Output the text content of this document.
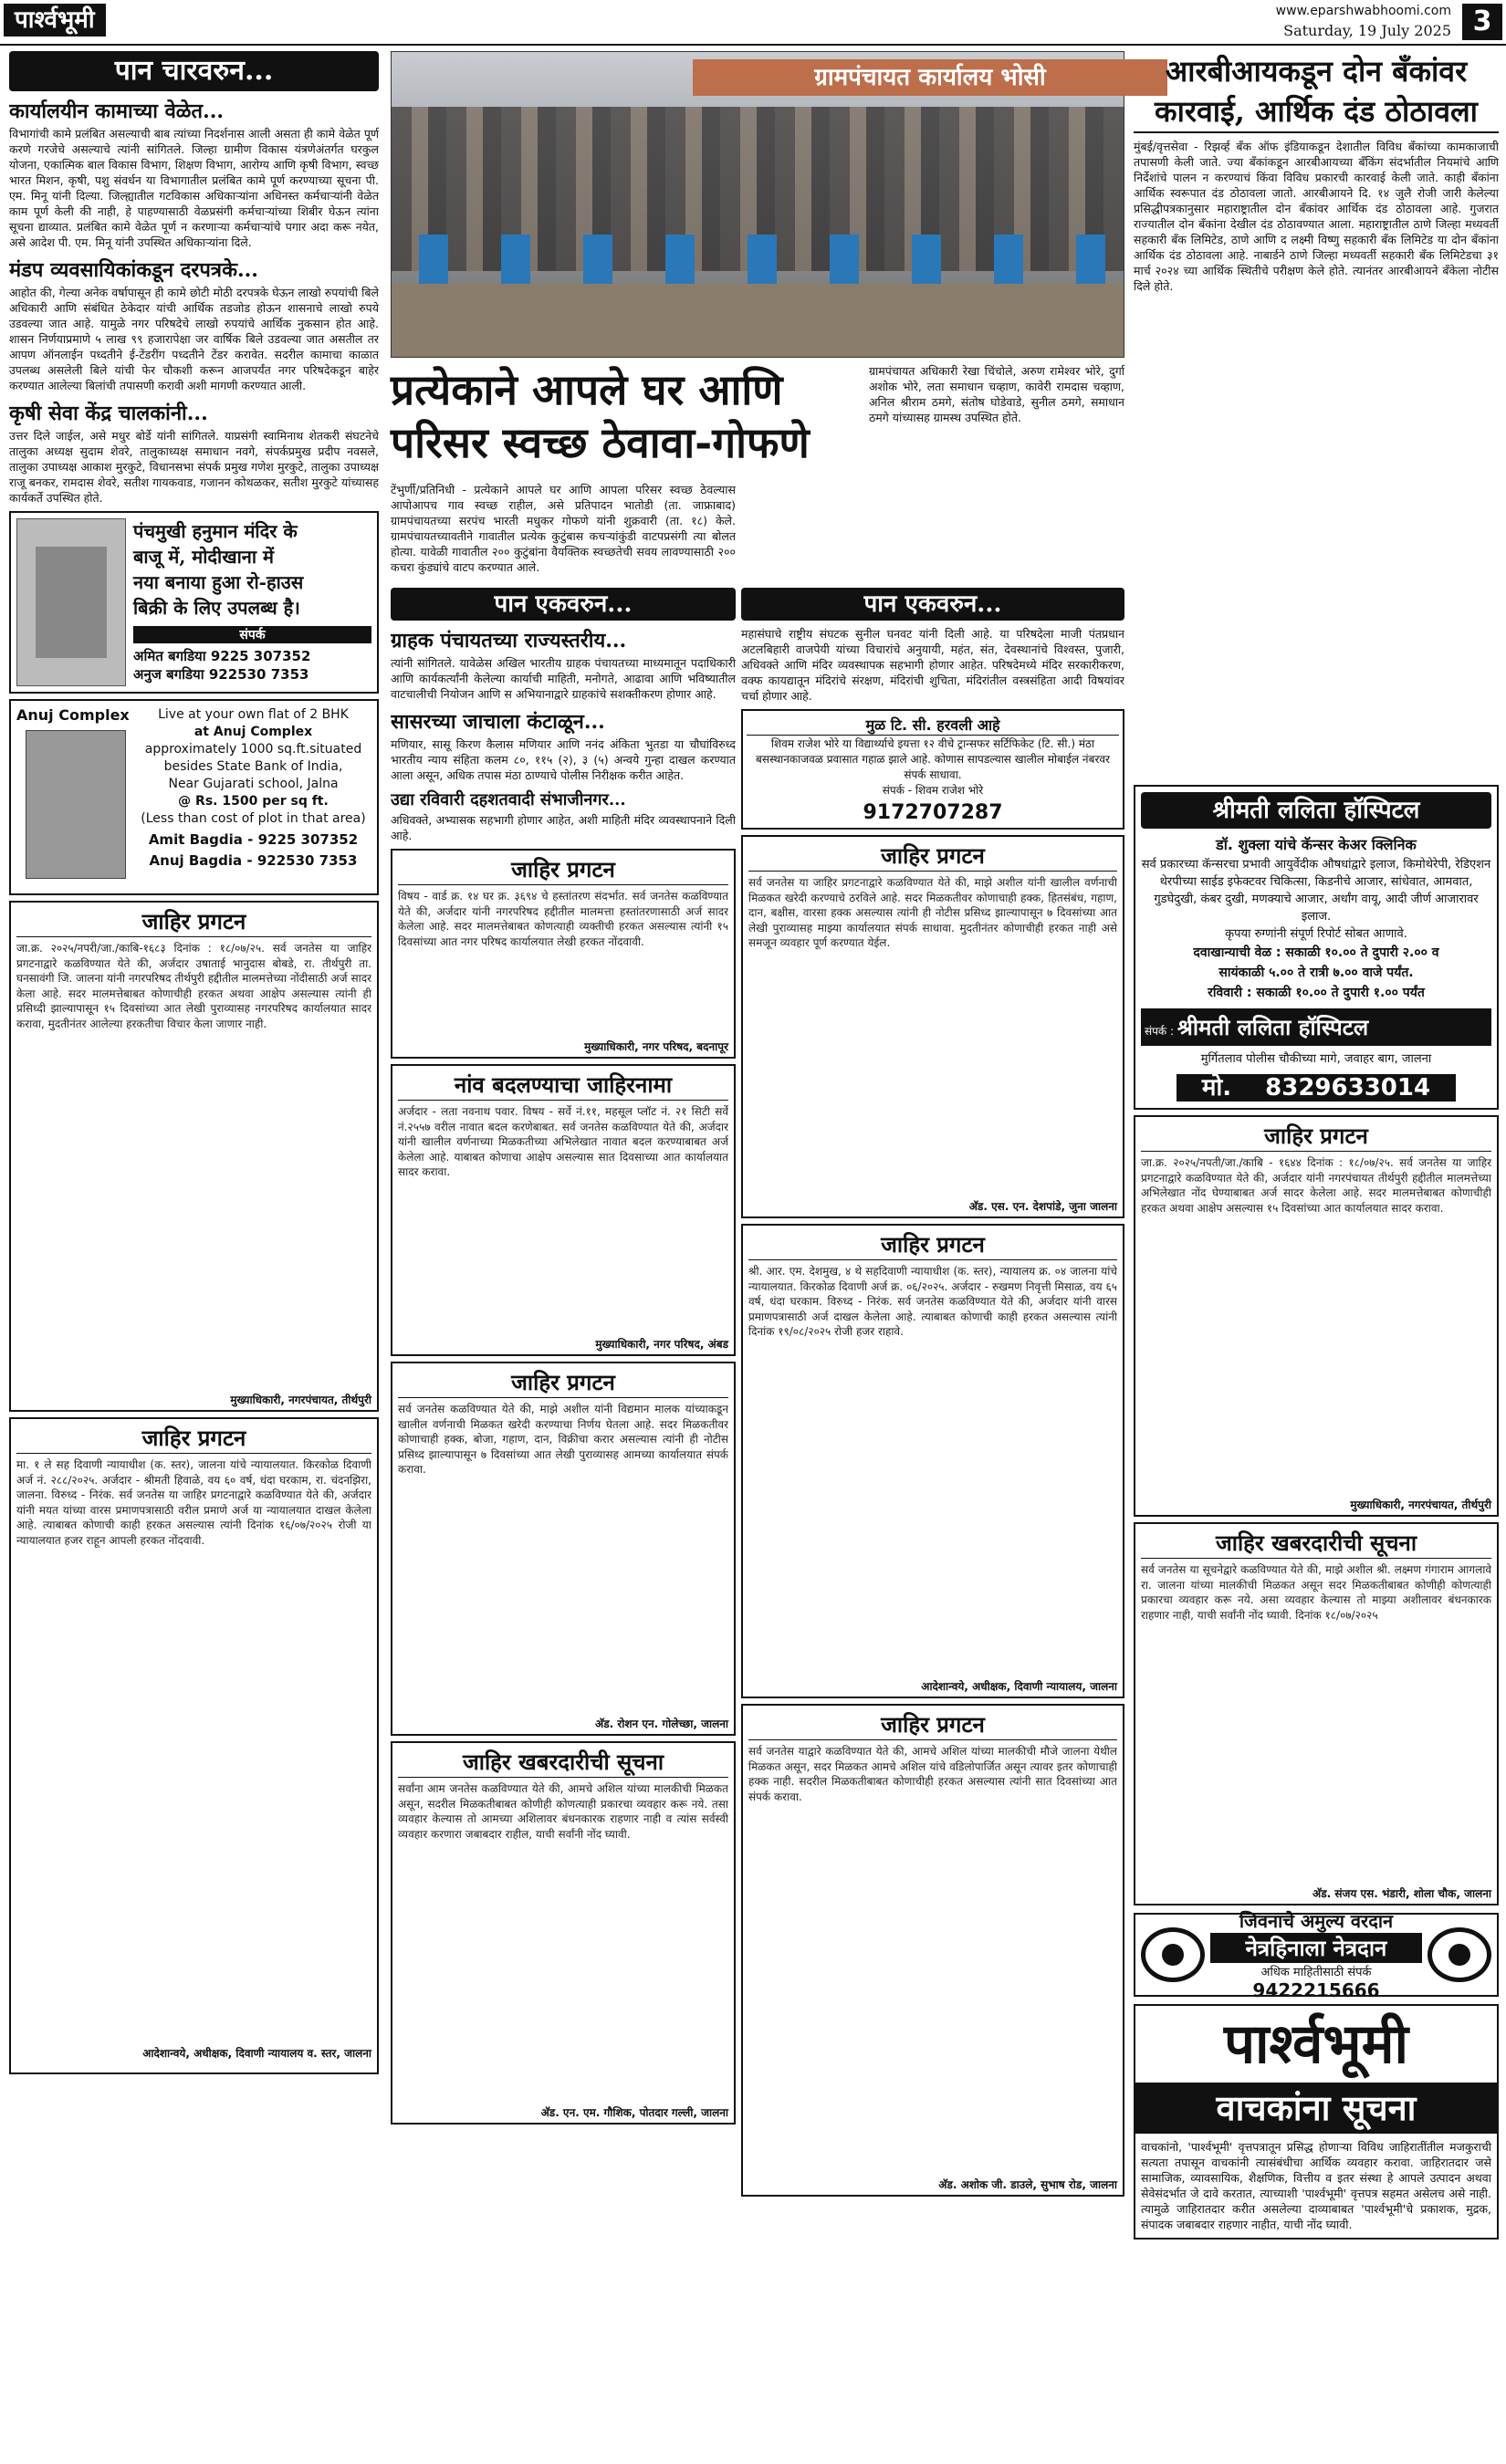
पार्श्वभूमी	www.eparshwabhoomi.com
Saturday, 19 July 2025 3
पान चारवरुन...
कार्यालयीन कामाच्या वेळेत...
विभागांची कामे प्रलंबित असल्याची बाब त्यांच्या निदर्शनास आली असता ही कामे वेळेत पूर्ण करणे गरजेचे असल्याचे त्यांनी सांगितले. जिल्हा ग्रामीण विकास यंत्रणेअंतर्गत घरकुल योजना, एकात्मिक बाल विकास विभाग, शिक्षण विभाग, आरोग्य आणि कृषी विभाग, स्वच्छ भारत मिशन, कृषी, पशु संवर्धन या विभागातील प्रलंबित कामे पूर्ण करण्याच्या सूचना पी. एम. मिनू यांनी दिल्या. जिल्ह्यातील गटविकास अधिकाऱ्यांना अधिनस्त कर्मचाऱ्यांनी वेळेत काम पूर्ण केली की नाही, हे पाहण्यासाठी वेळप्रसंगी कर्मचाऱ्यांच्या शिबीर घेऊन त्यांना सूचना द्याव्यात. प्रलंबित कामे वेळेत पूर्ण न करणाऱ्या कर्मचाऱ्यांचे पगार अदा करू नयेत, असे आदेश पी. एम. मिनू यांनी उपस्थित अधिकाऱ्यांना दिले.
मंडप व्यवसायिकांकडून दरपत्रके...
आहोत की, गेल्या अनेक वर्षापासून ही कामे छोटी मोठी दरपत्रके घेऊन लाखो रुपयांची बिले अधिकारी आणि संबंधित ठेकेदार यांची आर्थिक तडजोड होऊन शासनाचे लाखो रुपये उडवल्या जात आहे. यामुळे नगर परिषदेचे लाखो रुपयांचे आर्थिक नुकसान होत आहे. शासन निर्णयाप्रमाणे ५ लाख ९९ हजारापेक्षा जर वार्षिक बिले उडवल्या जात असतील तर आपण ऑनलाईन पध्दतीने ई-टेंडरींग पध्दतीने टेंडर करावेत. सदरील कामाचा काळात उपलब्ध असलेली बिले यांची फेर चौकशी करून आजपर्यंत नगर परिषदेकडून बाहेर करण्यात आलेल्या बिलांची तपासणी करावी अशी मागणी करण्यात आली.
कृषी सेवा केंद्र चालकांनी...
उत्तर दिले जाईल, असे मधुर बोर्डे यांनी सांगितले. याप्रसंगी स्वामिनाथ शेतकरी संघटनेचे तालुका अध्यक्ष सुदाम शेवरे, तालुकाध्यक्ष समाधान नवगे, संपर्कप्रमुख प्रदीप नवसले, तालुका उपाध्यक्ष आकाश मुरकुटे, विधानसभा संपर्क प्रमुख गणेश मुरकुटे, तालुका उपाध्यक्ष राजू बनकर, रामदास शेवरे, सतीश गायकवाड, गजानन कोथळकर, सतीश मुरकुटे यांच्यासह कार्यकर्ते उपस्थित होते.
पंचमुखी हनुमान मंदिर के
बाजू में, मोदीखाना में
नया बनाया हुआ रो-हाउस
बिक्री के लिए उपलब्ध है।
संपर्क
अमित बगडिया 9225 307352
अनुज बगडिया 922530 7353
Anuj Complex	Live at your own flat of 2 BHK
at Anuj Complex
approximately 1000 sq.ft.situated
besides State Bank of India,
Near Gujarati school, Jalna
@ Rs. 1500 per sq ft.
(Less than cost of plot in that area)
Amit Bagdia - 9225 307352
Anuj Bagdia - 922530 7353
जाहिर प्रगटन
जा.क्र. २०२५/नपरी/जा./काबि-१६८३ दिनांक : १८/०७/२५. सर्व जनतेस या जाहिर प्रगटनाद्वारे कळविण्यात येते की, अर्जदार उषाताई भानुदास बोबडे, रा. तीर्थपुरी ता. घनसावंगी जि. जालना यांनी नगरपरिषद तीर्थपुरी हद्दीतील मालमत्तेच्या नोंदीसाठी अर्ज सादर केला आहे. सदर मालमत्तेबाबत कोणाचीही हरकत अथवा आक्षेप असल्यास त्यांनी ही प्रसिध्दी झाल्यापासून १५ दिवसांच्या आत लेखी पुराव्यासह नगरपरिषद कार्यालयात सादर करावा, मुदतीनंतर आलेल्या हरकतीचा विचार केला जाणार नाही.
मुख्याधिकारी, नगरपंचायत, तीर्थपुरी
जाहिर प्रगटन
मा. १ ले सह दिवाणी न्यायाधीश (क. स्तर), जालना यांचे न्यायालयात. किरकोळ दिवाणी अर्ज नं. २८८/२०२५. अर्जदार - श्रीमती हिवाळे, वय ६० वर्ष, धंदा घरकाम, रा. चंदनझिरा, जालना. विरुध्द - निरंक. सर्व जनतेस या जाहिर प्रगटनाद्वारे कळविण्यात येते की, अर्जदार यांनी मयत यांच्या वारस प्रमाणपत्रासाठी वरील प्रमाणे अर्ज या न्यायालयात दाखल केलेला आहे. त्याबाबत कोणाची काही हरकत असल्यास त्यांनी दिनांक १६/०७/२०२५ रोजी या न्यायालयात हजर राहून आपली हरकत नोंदवावी.
आदेशान्वये, अधीक्षक, दिवाणी न्यायालय व. स्तर, जालना
ग्रामपंचायत कार्यालय भोसी
प्रत्येकाने आपले घर आणि परिसर स्वच्छ ठेवावा-गोफणे
टेंभुर्णी/प्रतिनिधी - प्रत्येकाने आपले घर आणि आपला परिसर स्वच्छ ठेवल्यास आपोआपच गाव स्वच्छ राहील, असे प्रतिपादन भातोडी (ता. जाफ्राबाद) ग्रामपंचायतच्या सरपंच भारती मधुकर गोफणे यांनी शुक्रवारी (ता. १८) केले. ग्रामपंचायतच्यावतीने गावातील प्रत्येक कुटुंबास कचऱ्यांकुंडी वाटपप्रसंगी त्या बोलत होत्या. यावेळी गावातील २०० कुटुंबांना वैयक्तिक स्वच्छतेची सवय लावण्यासाठी २०० कचरा कुंड्यांचे वाटप करण्यात आले.
पान एकवरुन...
ग्राहक पंचायतच्या राज्यस्तरीय...
त्यांनी सांगितले. यावेळेस अखिल भारतीय ग्राहक पंचायतच्या माध्यमातून पदाधिकारी आणि कार्यकर्त्यांनी केलेल्या कार्याची माहिती, मनोगते, आढावा आणि भविष्यातील वाटचालीची नियोजन आणि स अभियानाद्वारे ग्राहकांचे सशक्तीकरण होणार आहे.
सासरच्या जाचाला कंटाळून...
मणियार, सासू किरण कैलास मणियार आणि ननंद अंकिता भुतडा या चौघांविरुध्द भारतीय न्याय संहिता कलम ८०, ११५ (२), ३ (५) अन्वये गुन्हा दाखल करण्यात आला असून, अधिक तपास मंठा ठाण्याचे पोलीस निरीक्षक करीत आहेत.
उद्या रविवारी दहशतवादी संभाजीनगर...
अधिवक्ते, अभ्यासक सहभागी होणार आहेत, अशी माहिती मंदिर व्यवस्थापनाने दिली आहे.
जाहिर प्रगटन
विषय - वार्ड क्र. १४ घर क्र. ३६९४ चे हस्तांतरण संदर्भात. सर्व जनतेस कळविण्यात येते की, अर्जदार यांनी नगरपरिषद हद्दीतील मालमत्ता हस्तांतरणासाठी अर्ज सादर केलेला आहे. सदर मालमत्तेबाबत कोणत्याही व्यक्तीची हरकत असल्यास त्यांनी १५ दिवसांच्या आत नगर परिषद कार्यालयात लेखी हरकत नोंदवावी.
मुख्याधिकारी, नगर परिषद, बदनापूर
नांव बदलण्याचा जाहिरनामा
अर्जदार - लता नवनाथ पवार. विषय - सर्वे नं.११, महसूल प्लॉट नं. २१ सिटी सर्वे नं.२५५७ वरील नावात बदल करणेबाबत. सर्व जनतेस कळविण्यात येते की, अर्जदार यांनी खालील वर्णनाच्या मिळकतीच्या अभिलेखात नावात बदल करण्याबाबत अर्ज केलेला आहे. याबाबत कोणाचा आक्षेप असल्यास सात दिवसाच्या आत कार्यालयात सादर करावा.
मुख्याधिकारी, नगर परिषद, अंबड
जाहिर प्रगटन
सर्व जनतेस कळविण्यात येते की, माझे अशील यांनी विद्यमान मालक यांच्याकडून खालील वर्णनाची मिळकत खरेदी करण्याचा निर्णय घेतला आहे. सदर मिळकतीवर कोणाचाही हक्क, बोजा, गहाण, दान, विक्रीचा करार असल्यास त्यांनी ही नोटीस प्रसिध्द झाल्यापासून ७ दिवसांच्या आत लेखी पुराव्यासह आमच्या कार्यालयात संपर्क करावा.
अ‍ॅड. रोशन एन. गोलेच्छा, जालना
जाहिर खबरदारीची सूचना
सर्वांना आम जनतेस कळविण्यात येते की, आमचे अशिल यांच्या मालकीची मिळकत असून, सदरील मिळकतीबाबत कोणीही कोणत्याही प्रकारचा व्यवहार करू नये. तसा व्यवहार केल्यास तो आमच्या अशिलावर बंधनकारक राहणार नाही व त्यांस सर्वस्वी व्यवहार करणारा जबाबदार राहील, याची सर्वांनी नोंद घ्यावी.
अ‍ॅड. एन. एम. गौशिक, पोतदार गल्ली, जालना
ग्रामपंचायत अधिकारी रेखा चिंचोले, अरुण रामेश्वर भोरे, दुर्गा अशोक भोरे, लता समाधान चव्हाण, कावेरी रामदास चव्हाण, अनिल श्रीराम ठमगे, संतोष घोडेवाडे, सुनील ठमगे, समाधान ठमगे यांच्यासह ग्रामस्थ उपस्थित होते.
पान एकवरुन...
महासंघाचे राष्ट्रीय संघटक सुनील घनवट यांनी दिली आहे. या परिषदेला माजी पंतप्रधान अटलबिहारी वाजपेयी यांच्या विचारांचे अनुयायी, महंत, संत, देवस्थानांचे विश्वस्त, पुजारी, अधिवक्ते आणि मंदिर व्यवस्थापक सहभागी होणार आहेत. परिषदेमध्ये मंदिर सरकारीकरण, वक्फ कायद्यातून मंदिरांचे संरक्षण, मंदिरांची शुचिता, मंदिरांतील वस्त्रसंहिता आदी विषयांवर चर्चा होणार आहे.
मुळ टि. सी. हरवली आहे
शिवम राजेश भोरे या विद्यार्थ्याचे इयत्ता १२ वीचे ट्रान्सफर सर्टिफिकेट (टि. सी.) मंठा बसस्थानकाजवळ प्रवासात गहाळ झाले आहे. कोणास सापडल्यास खालील मोबाईल नंबरवर संपर्क साधावा.
संपर्क - शिवम राजेश भोरे
9172707287
जाहिर प्रगटन
सर्व जनतेस या जाहिर प्रगटनाद्वारे कळविण्यात येते की, माझे अशील यांनी खालील वर्णनाची मिळकत खरेदी करण्याचे ठरविले आहे. सदर मिळकतीवर कोणाचाही हक्क, हितसंबंध, गहाण, दान, बक्षीस, वारसा हक्क असल्यास त्यांनी ही नोटीस प्रसिध्द झाल्यापासून ७ दिवसांच्या आत लेखी पुराव्यासह माझ्या कार्यालयात संपर्क साधावा. मुदतीनंतर कोणाचीही हरकत नाही असे समजून व्यवहार पूर्ण करण्यात येईल.
अ‍ॅड. एस. एन. देशपांडे, जुना जालना
जाहिर प्रगटन
श्री. आर. एम. देशमुख, ४ थे सहदिवाणी न्यायाधीश (क. स्तर), न्यायालय क्र. ०४ जालना यांचे न्यायालयात. किरकोळ दिवाणी अर्ज क्र. ०६/२०२५. अर्जदार - रुखमण निवृत्ती मिसाळ, वय ६५ वर्ष, धंदा घरकाम. विरुध्द - निरंक. सर्व जनतेस कळविण्यात येते की, अर्जदार यांनी वारस प्रमाणपत्रासाठी अर्ज दाखल केलेला आहे. त्याबाबत कोणाची काही हरकत असल्यास त्यांनी दिनांक १९/०८/२०२५ रोजी हजर राहावे.
आदेशान्वये, अधीक्षक, दिवाणी न्यायालय, जालना
जाहिर प्रगटन
सर्व जनतेस याद्वारे कळविण्यात येते की, आमचे अशिल यांच्या मालकीची मौजे जालना येथील मिळकत असून, सदर मिळकत आमचे अशिल यांचे वडिलोपार्जित असून त्यावर इतर कोणाचाही हक्क नाही. सदरील मिळकतीबाबत कोणाचीही हरकत असल्यास त्यांनी सात दिवसांच्या आत संपर्क करावा.
अ‍ॅड. अशोक जी. डाउले, सुभाष रोड, जालना
आरबीआयकडून दोन बँकांवर कारवाई, आर्थिक दंड ठोठावला
मुंबई/वृत्तसेवा - रिझर्व्ह बँक ऑफ इंडियाकडून देशातील विविध बँकांच्या कामकाजाची तपासणी केली जाते. ज्या बँकांकडून आरबीआयच्या बँकिंग संदर्भातील नियमांचे आणि निर्देशांचे पालन न करण्याचं किंवा विविध प्रकारची कारवाई केली जाते. काही बँकांना आर्थिक स्वरूपात दंड ठोठावला जातो. आरबीआयने दि. १४ जुलै रोजी जारी केलेल्या प्रसिद्धीपत्रकानुसार महाराष्ट्रातील दोन बँकांवर आर्थिक दंड ठोठावला आहे. गुजरात राज्यातील दोन बँकांना देखील दंड ठोठावण्यात आला. महाराष्ट्रातील ठाणे जिल्हा मध्यवर्ती सहकारी बँक लिमिटेड, ठाणे आणि द लक्ष्मी विष्णु सहकारी बँक लिमिटेड या दोन बँकांना आर्थिक दंड ठोठावला आहे. नाबार्डने ठाणे जिल्हा मध्यवर्ती सहकारी बँक लिमिटेडचा ३१ मार्च २०२४ च्या आर्थिक स्थितीचे परीक्षण केले होते. त्यानंतर आरबीआयने बँकेला नोटीस दिले होते.
श्रीमती ललिता हॉस्पिटल
डॉ. शुक्ला यांचे कॅन्सर केअर क्लिनिक
सर्व प्रकारच्या कॅन्सरचा प्रभावी आयुर्वेदीक औषधांद्वारे इलाज, किमोथेरेपी, रेडिएशन थेरपीच्या साईड इफेक्टवर चिकित्सा, किडनीचे आजार, सांधेवात, आमवात, गुडघेदुखी, कंबर दुखी, मणक्याचे आजार, अर्धांग वायू, आदी जीर्ण आजारावर इलाज.
कृपया रुग्णांनी संपूर्ण रिपोर्ट सोबत आणावे.
दवाखान्याची वेळ : सकाळी १०.०० ते दुपारी २.०० व
सायंकाळी ५.०० ते रात्री ७.०० वाजे पर्यंत.
रविवारी : सकाळी १०.०० ते दुपारी १.०० पर्यंत
संपर्क : श्रीमती ललिता हॉस्पिटल
मुर्गितलाव पोलीस चौकीच्या मागे, जवाहर बाग, जालना
मो. 8329633014
जाहिर प्रगटन
जा.क्र. २०२५/नपती/जा./काबि - १६४४ दिनांक : १८/०७/२५. सर्व जनतेस या जाहिर प्रगटनाद्वारे कळविण्यात येते की, अर्जदार यांनी नगरपंचायत तीर्थपुरी हद्दीतील मालमत्तेच्या अभिलेखात नोंद घेण्याबाबत अर्ज सादर केलेला आहे. सदर मालमत्तेबाबत कोणाचीही हरकत अथवा आक्षेप असल्यास १५ दिवसांच्या आत कार्यालयात सादर करावा.
मुख्याधिकारी, नगरपंचायत, तीर्थपुरी
जाहिर खबरदारीची सूचना
सर्व जनतेस या सूचनेद्वारे कळविण्यात येते की, माझे अशील श्री. लक्ष्मण गंगाराम आगलावे रा. जालना यांच्या मालकीची मिळकत असून सदर मिळकतीबाबत कोणीही कोणत्याही प्रकारचा व्यवहार करू नये. असा व्यवहार केल्यास तो माझ्या अशीलावर बंधनकारक राहणार नाही, याची सर्वांनी नोंद घ्यावी. दिनांक १८/०७/२०२५
अ‍ॅड. संजय एस. भंडारी, शोला चौक, जालना
जिवनाचे अमुल्य वरदान
नेत्रहिनाला नेत्रदान
अधिक माहितीसाठी संपर्क 9422215666
पार्श्वभूमी
वाचकांना सूचना
वाचकांनो, 'पार्श्वभूमी' वृत्तपत्रातून प्रसिद्ध होणाऱ्या विविध जाहिरातींतील मजकुराची सत्यता तपासून वाचकांनी त्यासंबंधीचा आर्थिक व्यवहार करावा. जाहिरातदार जसे सामाजिक, व्यावसायिक, शैक्षणिक, वित्तीय व इतर संस्था हे आपले उत्पादन अथवा सेवेसंदर्भात जे दावे करतात, त्याच्याशी 'पार्श्वभूमी' वृत्तपत्र सहमत असेलच असे नाही. त्यामुळे जाहिरातदार करीत असलेल्या दाव्याबाबत 'पार्श्वभूमी'चे प्रकाशक, मुद्रक, संपादक जबाबदार राहणार नाहीत, याची नोंद घ्यावी.
